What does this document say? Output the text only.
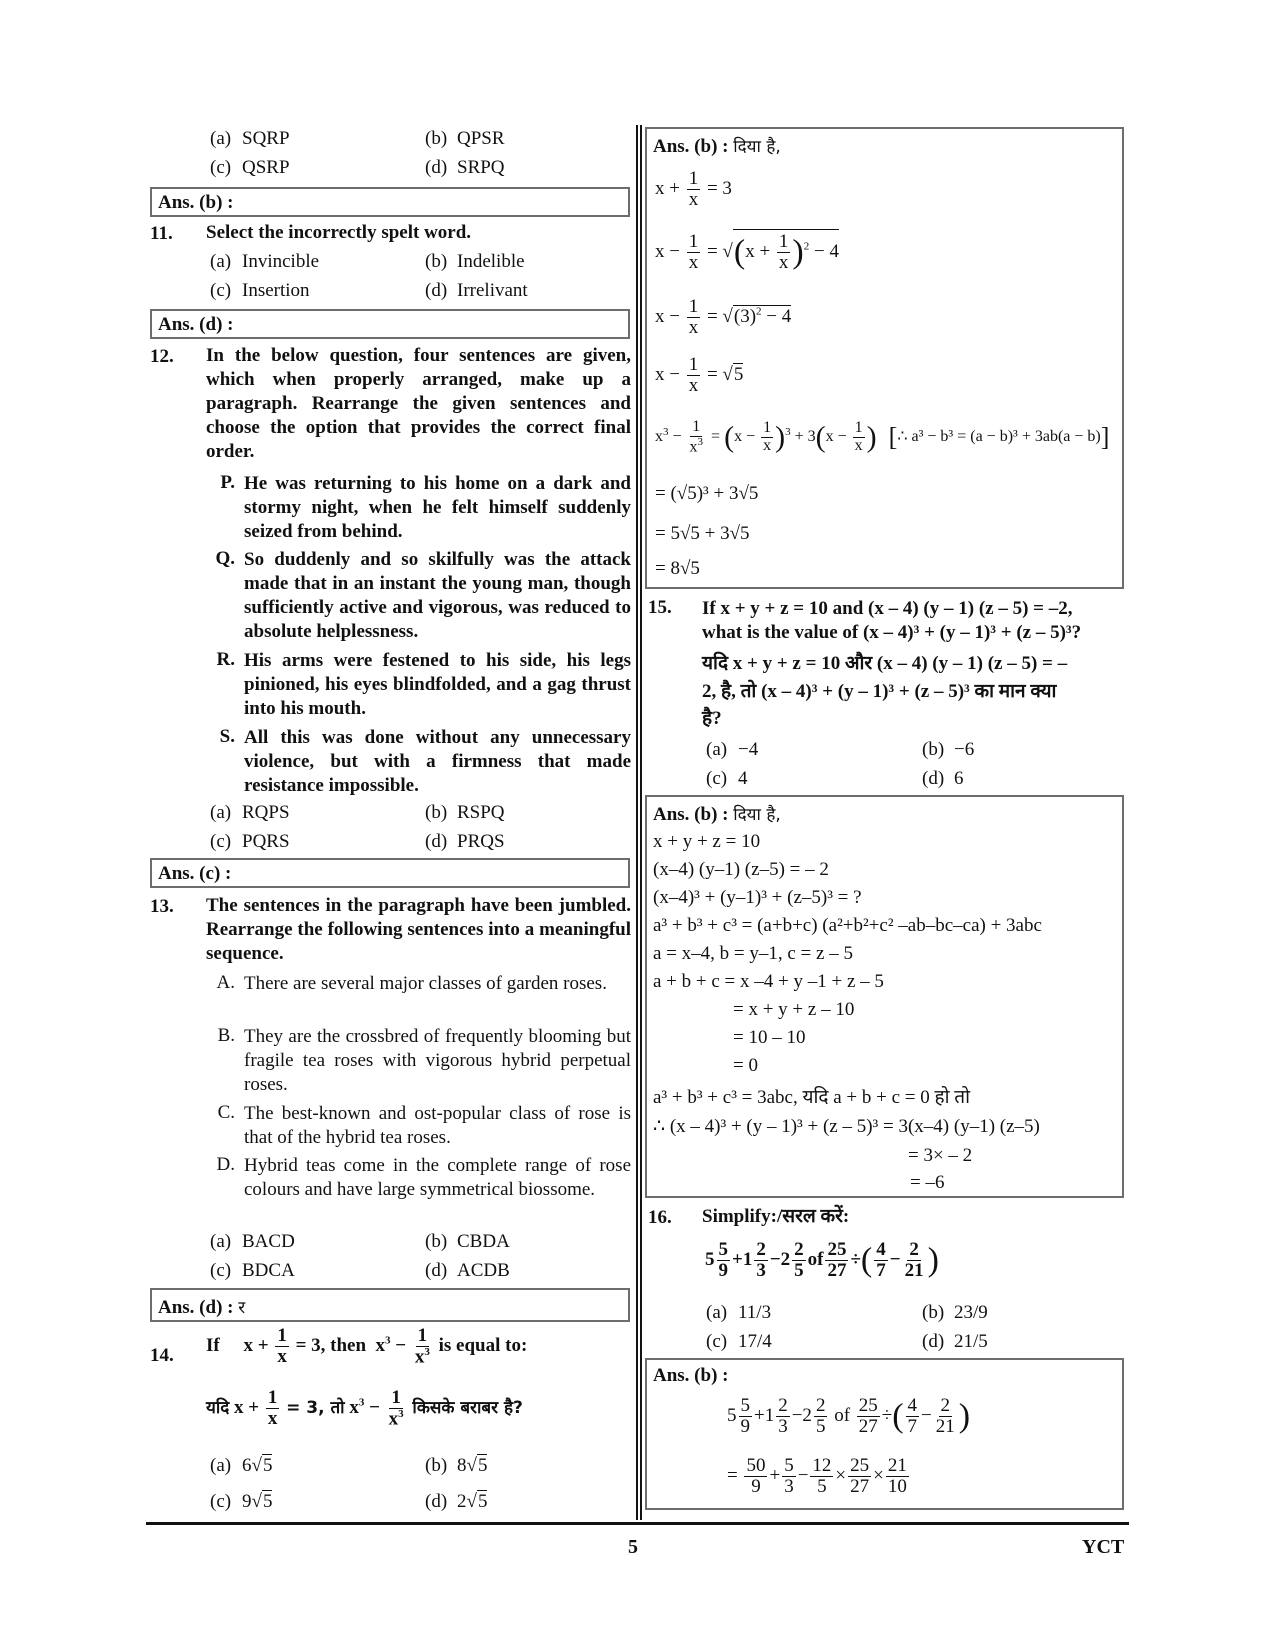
(a) SQRP	(b) QPSR
(c) QSRP	(d) SRPQ
Ans. (b) :
11. Select the incorrectly spelt word.
(a) Invincible	(b) Indelible
(c) Insertion	(d) Irrelivant
Ans. (d) :
12. In the below question, four sentences are given, which when properly arranged, make up a paragraph. Rearrange the given sentences and choose the option that provides the correct final order.
P. He was returning to his home on a dark and stormy night, when he felt himself suddenly seized from behind.
Q. So duddenly and so skilfully was the attack made that in an instant the young man, though sufficiently active and vigorous, was reduced to absolute helplessness.
R. His arms were festened to his side, his legs pinioned, his eyes blindfolded, and a gag thrust into his mouth.
S. All this was done without any unnecessary violence, but with a firmness that made resistance impossible.
(a) RQPS	(b) RSPQ
(c) PQRS	(d) PRQS
Ans. (c) :
13. The sentences in the paragraph have been jumbled. Rearrange the following sentences into a meaningful sequence.
A. There are several major classes of garden roses.
B. They are the crossbred of frequently blooming but fragile tea roses with vigorous hybrid perpetual roses.
C. The best-known and ost-popular class of rose is that of the hybrid tea roses.
D. Hybrid teas come in the complete range of rose colours and have large symmetrical biossome.
(a) BACD	(b) CBDA
(c) BDCA	(d) ACDB
Ans. (d) : र
14. If     $x + \frac{1}{x} = 3$, then  $x^3 - \frac{1}{x^3}$ is equal to:
यदि $x + \frac{1}{x} = 3$, तो $x^3 - \frac{1}{x^3}$ किसके बराबर है?
(a) 6√5	(b) 8√5
(c) 9√5	(d) 2√5
Ans. (b) : दिया है,
$x + \frac{1}{x} = 3$
$x - \frac{1}{x} = √(x + \frac{1}{x} )^2 - 4$
$x - \frac{1}{x} = √(3)^2 - 4$
$x - \frac{1}{x} = √5$
$x^3 - \frac{1}{x^3} = (x - \frac{1}{x} )^3 + 3(x - \frac{1}{x}$ ) [∴ a³ − b³ = (a − b)³ + 3ab(a − b)]
= (√5)³ + 3√5
= 5√5 + 3√5
= 8√5
15. If x + y + z = 10 and (x – 4) (y – 1) (z – 5) = –2,
what is the value of (x – 4)³ + (y – 1)³ + (z – 5)³?
यदि x + y + z = 10 और (x – 4) (y – 1) (z – 5) = –
2, है, तो (x – 4)³ + (y – 1)³ + (z – 5)³ का मान क्या
है?
(a) −4	(b) −6
(c) 4	(d) 6
Ans. (b) : दिया है,
x + y + z = 10
(x–4) (y–1) (z–5) = – 2
(x–4)³ + (y–1)³ + (z–5)³ = ?
a³ + b³ + c³ = (a+b+c) (a²+b²+c² –ab–bc–ca) + 3abc
a = x–4, b = y–1, c = z – 5
a + b + c = x –4 + y –1 + z – 5
= x + y + z – 10
= 10 – 10
= 0
a³ + b³ + c³ = 3abc, यदि a + b + c = 0 हो तो
∴ (x – 4)³ + (y – 1)³ + (z – 5)³ = 3(x–4) (y–1) (z–5)
= 3× – 2
= –6
16. Simplify:/सरल करें:
$5 \frac{5}{9} +1 \frac{2}{3} -2 \frac{2}{5}$ of $\frac{25}{27}$ ÷( $\frac{4}{7} - \frac{2}{21}$ )
(a) 11/3	(b) 23/9
(c) 17/4	(d) 21/5
Ans. (b) :
$5 \frac{5}{9} +1 \frac{2}{3} -2 \frac{2}{5}$ of $\frac{25}{27}$ ÷( $\frac{4}{7} - \frac{2}{21}$ )
= $\frac{50}{9} + \frac{5}{3} - \frac{12}{5} \times \frac{25}{27} \times \frac{21}{10}$
5	YCT
